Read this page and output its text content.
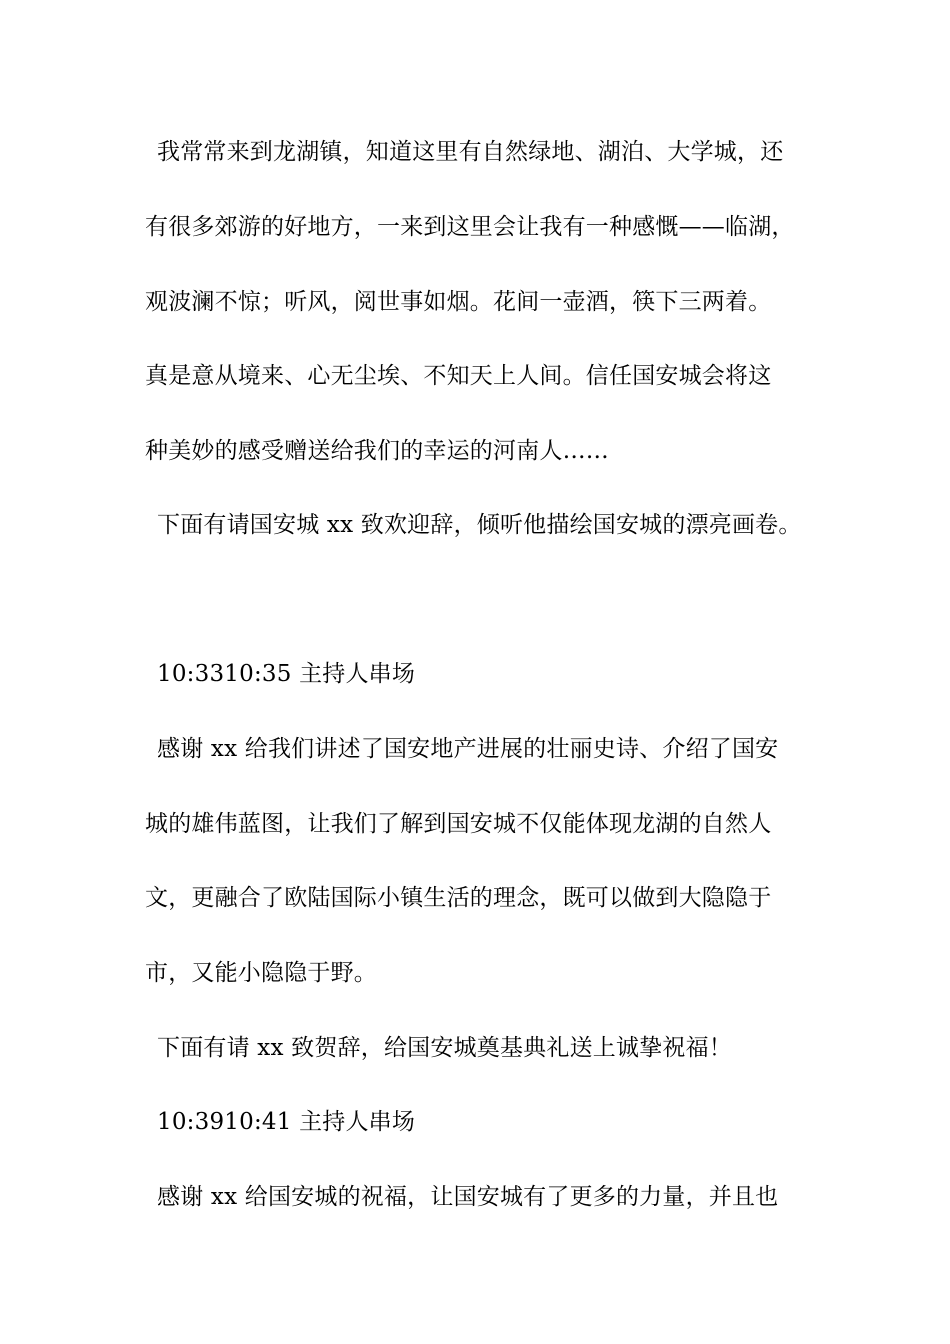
我常常来到龙湖镇，知道这里有自然绿地、湖泊、大学城，还
有很多郊游的好地方，一来到这里会让我有一种感慨——临湖，
观波澜不惊；听风，阅世事如烟。花间一壶酒，筷下三两着。
真是意从境来、心无尘埃、不知天上人间。信任国安城会将这
种美妙的感受赠送给我们的幸运的河南人……
下面有请国安城 xx 致欢迎辞，倾听他描绘国安城的漂亮画卷。
10:3310:35 主持人串场
感谢 xx 给我们讲述了国安地产进展的壮丽史诗、介绍了国安
城的雄伟蓝图，让我们了解到国安城不仅能体现龙湖的自然人
文，更融合了欧陆国际小镇生活的理念，既可以做到大隐隐于
市，又能小隐隐于野。
下面有请 xx 致贺辞，给国安城奠基典礼送上诚挚祝福！
10:3910:41 主持人串场
感谢 xx 给国安城的祝福，让国安城有了更多的力量，并且也
